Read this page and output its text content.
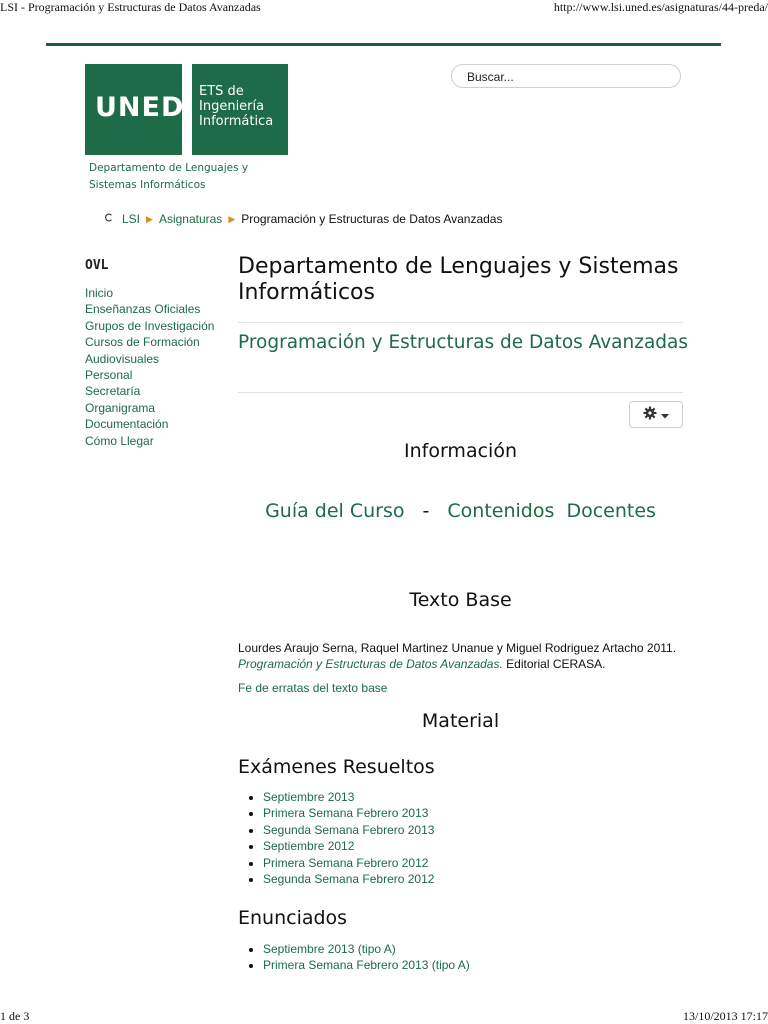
LSI - Programación y Estructuras de Datos Avanzadas	http://www.lsi.uned.es/asignaturas/44-preda/
1 de 3	13/10/2013 17:17
UNED
ETS de
Ingeniería
Informática
Departamento de Lenguajes y
Sistemas Informáticos
Buscar...
LSI ▶ Asignaturas ▶ Programación y Estructuras de Datos Avanzadas
OVL
Inicio
Enseñanzas Oficiales
Grupos de Investigación
Cursos de Formación
Audiovisuales
Personal
Secretaría
Organigrama
Documentación
Cómo Llegar
Departamento de Lenguajes y Sistemas Informáticos
Programación y Estructuras de Datos Avanzadas
Información
Guía del Curso - Contenidos  Docentes
Texto Base
Lourdes Araujo Serna, Raquel Martinez Unanue y Miguel Rodriguez Artacho 2011. Programación y Estructuras de Datos Avanzadas. Editorial CERASA.
Fe de erratas del texto base
Material
Exámenes Resueltos
• Septiembre 2013
• Primera Semana Febrero 2013
• Segunda Semana Febrero 2013
• Septiembre 2012
• Primera Semana Febrero 2012
• Segunda Semana Febrero 2012
Enunciados
• Septiembre 2013 (tipo A)
• Primera Semana Febrero 2013 (tipo A)
